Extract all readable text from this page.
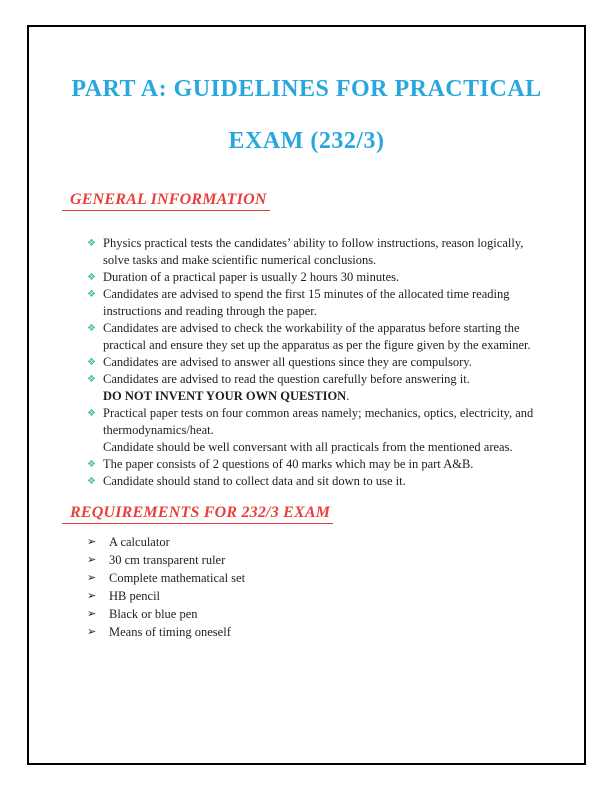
PART A: GUIDELINES FOR PRACTICAL
EXAM (232/3)
GENERAL INFORMATION
❖ Physics practical tests the candidates’ ability to follow instructions, reason logically, solve tasks and make scientific numerical conclusions.
❖ Duration of a practical paper is usually 2 hours 30 minutes.
❖ Candidates are advised to spend the first 15 minutes of the allocated time reading instructions and reading through the paper.
❖ Candidates are advised to check the workability of the apparatus before starting the practical and ensure they set up the apparatus as per the figure given by the examiner.
❖ Candidates are advised to answer all questions since they are compulsory.
❖ Candidates are advised to read the question carefully before answering it.
DO NOT INVENT YOUR OWN QUESTION.
❖ Practical paper tests on four common areas namely; mechanics, optics, electricity, and thermodynamics/heat.
Candidate should be well conversant with all practicals from the mentioned areas.
❖ The paper consists of 2 questions of 40 marks which may be in part A&B.
❖ Candidate should stand to collect data and sit down to use it.
REQUIREMENTS FOR 232/3 EXAM
➢ A calculator
➢ 30 cm transparent ruler
➢ Complete mathematical set
➢ HB pencil
➢ Black or blue pen
➢ Means of timing oneself
